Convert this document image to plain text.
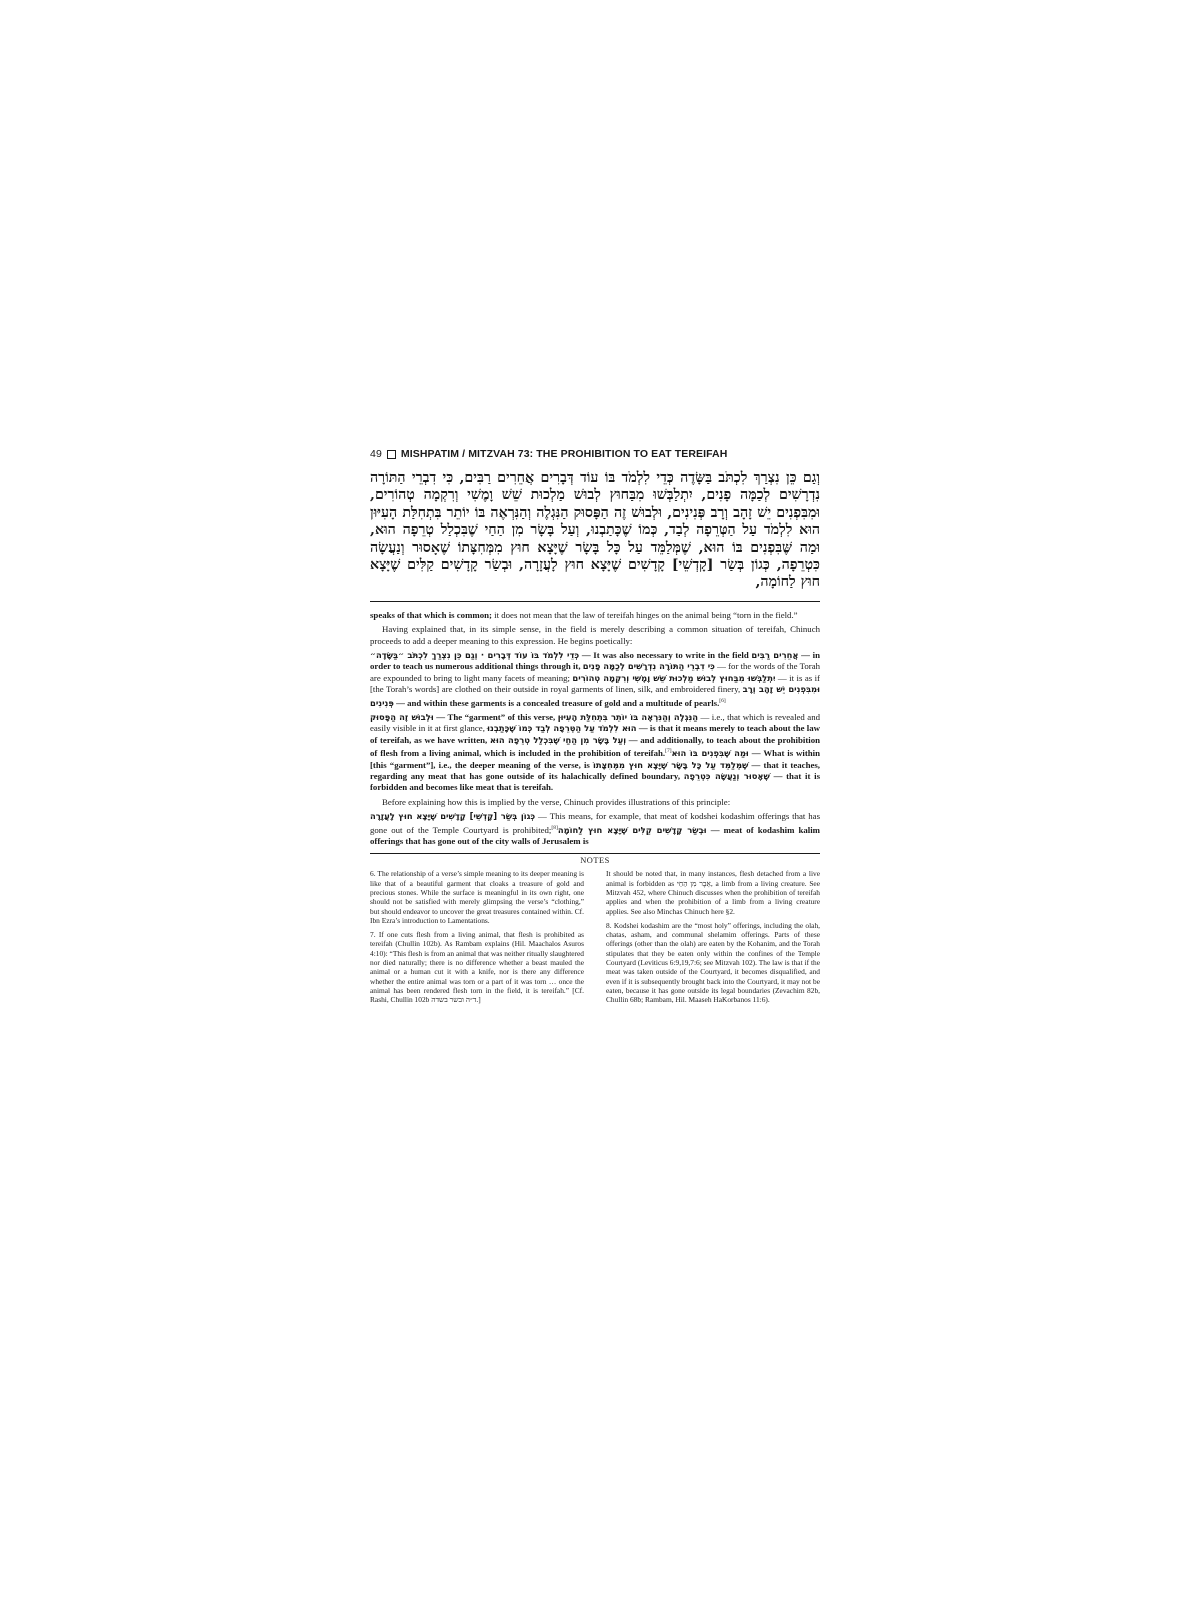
49 MISHPATIM / MITZVAH 73: THE PROHIBITION TO EAT TEREIFAH

וְגַם כֵּן נִצְרַךְ לִכְתֹּב בַּשָּׂדֶה כְּדֵי לִלְמֹד בּוֹ עוֹד דְּבָרִים אֲחֵרִים רַבִּים, כִּי דִבְרֵי הַתּוֹרָה נִדְרָשִׁים לְכַמָּה פָנִים, יִתְלַבְּשׁוּ מִבַּחוּץ לְבוּשׁ מַלְכוּת שֵׁשׁ וָמֶשִׁי וְרִקְמָה טְהוֹרִים, וּמִבִּפְנִים יֵשׁ זָהָב וְרָב פְּנִינִים, וּלְבוּשׁ זֶה הַפָּסוּק הַנִּגְלֶה וְהַנִּרְאֶה בּוֹ יוֹתֵר בִּתְחִלַּת הָעִיּוּן הוּא לִלְמֹד עַל הַטְּרֵפָה לְבַד, כְּמוֹ שֶׁכָּתַבְנוּ, וְעַל בָּשָׂר מִן הַחַי שֶׁבִּכְלַל טְרֵפָה הוּא, וּמַה שֶּׁבִּפְנִים בּוֹ הוּא, שֶׁמְּלַמֵּד עַל כָּל בָּשָׂר שֶׁיָּצָא חוּץ מִמְּחִצָּתוֹ שֶׁאָסוּר וְנַעֲשָׂה כִּטְרֵפָה, כְּגוֹן בְּשַׂר [קָדְשֵׁי] קָדָשִׁים שֶׁיָּצָא חוּץ לָעֲזָרָה, וּבְשַׂר קָדָשִׁים קַלִּים שֶׁיָּצָא חוּץ לַחוֹמָה,

speaks of that which is common; it does not mean that the law of tereifah hinges on the animal being “torn in the field.”

Having explained that, in its simple sense, in the field is merely describing a common situation of tereifah, Chinuch proceeds to add a deeper meaning to this expression. He begins poetically:

כְּדֵי לִלְמֹד בּוֹ עוֹד דְּבָרִים · וְגַם כֵּן נִצְרַךְ לִכְתֹּב ״בַּשָּׂדֶה״ — It was also necessary to write in the field אֲחֵרִים רַבִּים — in order to teach us numerous additional things through it, כִּי דִבְרֵי הַתּוֹרָה נִדְרָשִׁים לְכַמָּה פָנִים — for the words of the Torah are expounded to bring to light many facets of meaning; יִתְלַבְּשׁוּ מִבַּחוּץ לְבוּשׁ מַלְכוּת שֵׁשׁ וָמֶשִׁי וְרִקְמָה טְהוֹרִים — it is as if [the Torah’s words] are clothed on their outside in royal garments of linen, silk, and embroidered finery, וּמִבִּפְנִים יֵשׁ זָהָב וְרָב פְּנִינִים — and within these garments is a concealed treasure of gold and a multitude of pearls.[6]

וּלְבוּשׁ זֶה הַפָּסוּק — The “garment” of this verse, הַנִּגְלֶה וְהַנִּרְאֶה בּוֹ יוֹתֵר בִּתְחִלַּת הָעִיּוּן — i.e., that which is revealed and easily visible in it at first glance, הוּא לִלְמֹד עַל הַטְּרֵפָה לְבַד כְּמוֹ שֶׁכָּתַבְנוּ — is that it means merely to teach about the law of tereifah, as we have written, וְעַל בָּשָׂר מִן הַחַי שֶׁבִּכְלַל טְרֵפָה הוּא — and additionally, to teach about the prohibition of flesh from a living animal, which is included in the prohibition of tereifah.[7]וּמַה שֶּׁבִּפְנִים בּוֹ הוּא — What is within [this “garment”], i.e., the deeper meaning of the verse, is שֶׁמְּלַמֵּד עַל כָּל בָּשָׂר שֶׁיָּצָא חוּץ מִמְּחִצָּתוֹ — that it teaches, regarding any meat that has gone outside of its halachically defined boundary, שֶׁאָסוּר וְנַעֲשָׂה כִּטְרֵפָה — that it is forbidden and becomes like meat that is tereifah.

Before explaining how this is implied by the verse, Chinuch provides illustrations of this principle:

כְּגוֹן בְּשַׂר [קָדְשֵׁי] קָדָשִׁים שֶׁיָּצָא חוּץ לָעֲזָרָה — This means, for example, that meat of kodshei kodashim offerings that has gone out of the Temple Courtyard is prohibited;[8]וּבְשַׂר קָדָשִׁים קַלִּים שֶׁיָּצָא חוּץ לַחוֹמָה — meat of kodashim kalim offerings that has gone out of the city walls of Jerusalem is

NOTES

6. The relationship of a verse’s simple meaning to its deeper meaning is like that of a beautiful garment that cloaks a treasure of gold and precious stones. While the surface is meaningful in its own right, one should not be satisfied with merely glimpsing the verse’s “clothing,” but should endeavor to uncover the great treasures contained within. Cf. Ibn Ezra’s introduction to Lamentations.

7. If one cuts flesh from a living animal, that flesh is prohibited as tereifah (Chullin 102b). As Rambam explains (Hil. Maachalos Asuros 4:10): “This flesh is from an animal that was neither ritually slaughtered nor died naturally; there is no difference whether a beast mauled the animal or a human cut it with a knife, nor is there any difference whether the entire animal was torn or a part of it was torn … once the animal has been rendered flesh torn in the field, it is tereifah.” [Cf. Rashi, Chullin 102b ד״ה ובשר בשדה.]

It should be noted that, in many instances, flesh detached from a live animal is forbidden as אֵבֶר מִן הַחַי, a limb from a living creature. See Mitzvah 452, where Chinuch discusses when the prohibition of tereifah applies and when the prohibition of a limb from a living creature applies. See also Minchas Chinuch here §2.

8. Kodshei kodashim are the “most holy” offerings, including the olah, chatas, asham, and communal shelamim offerings. Parts of these offerings (other than the olah) are eaten by the Kohanim, and the Torah stipulates that they be eaten only within the confines of the Temple Courtyard (Leviticus 6:9,19,7:6; see Mitzvah 102). The law is that if the meat was taken outside of the Courtyard, it becomes disqualified, and even if it is subsequently brought back into the Courtyard, it may not be eaten, because it has gone outside its legal boundaries (Zevachim 82b, Chullin 68b; Rambam, Hil. Maaseh HaKorbanos 11:6).
